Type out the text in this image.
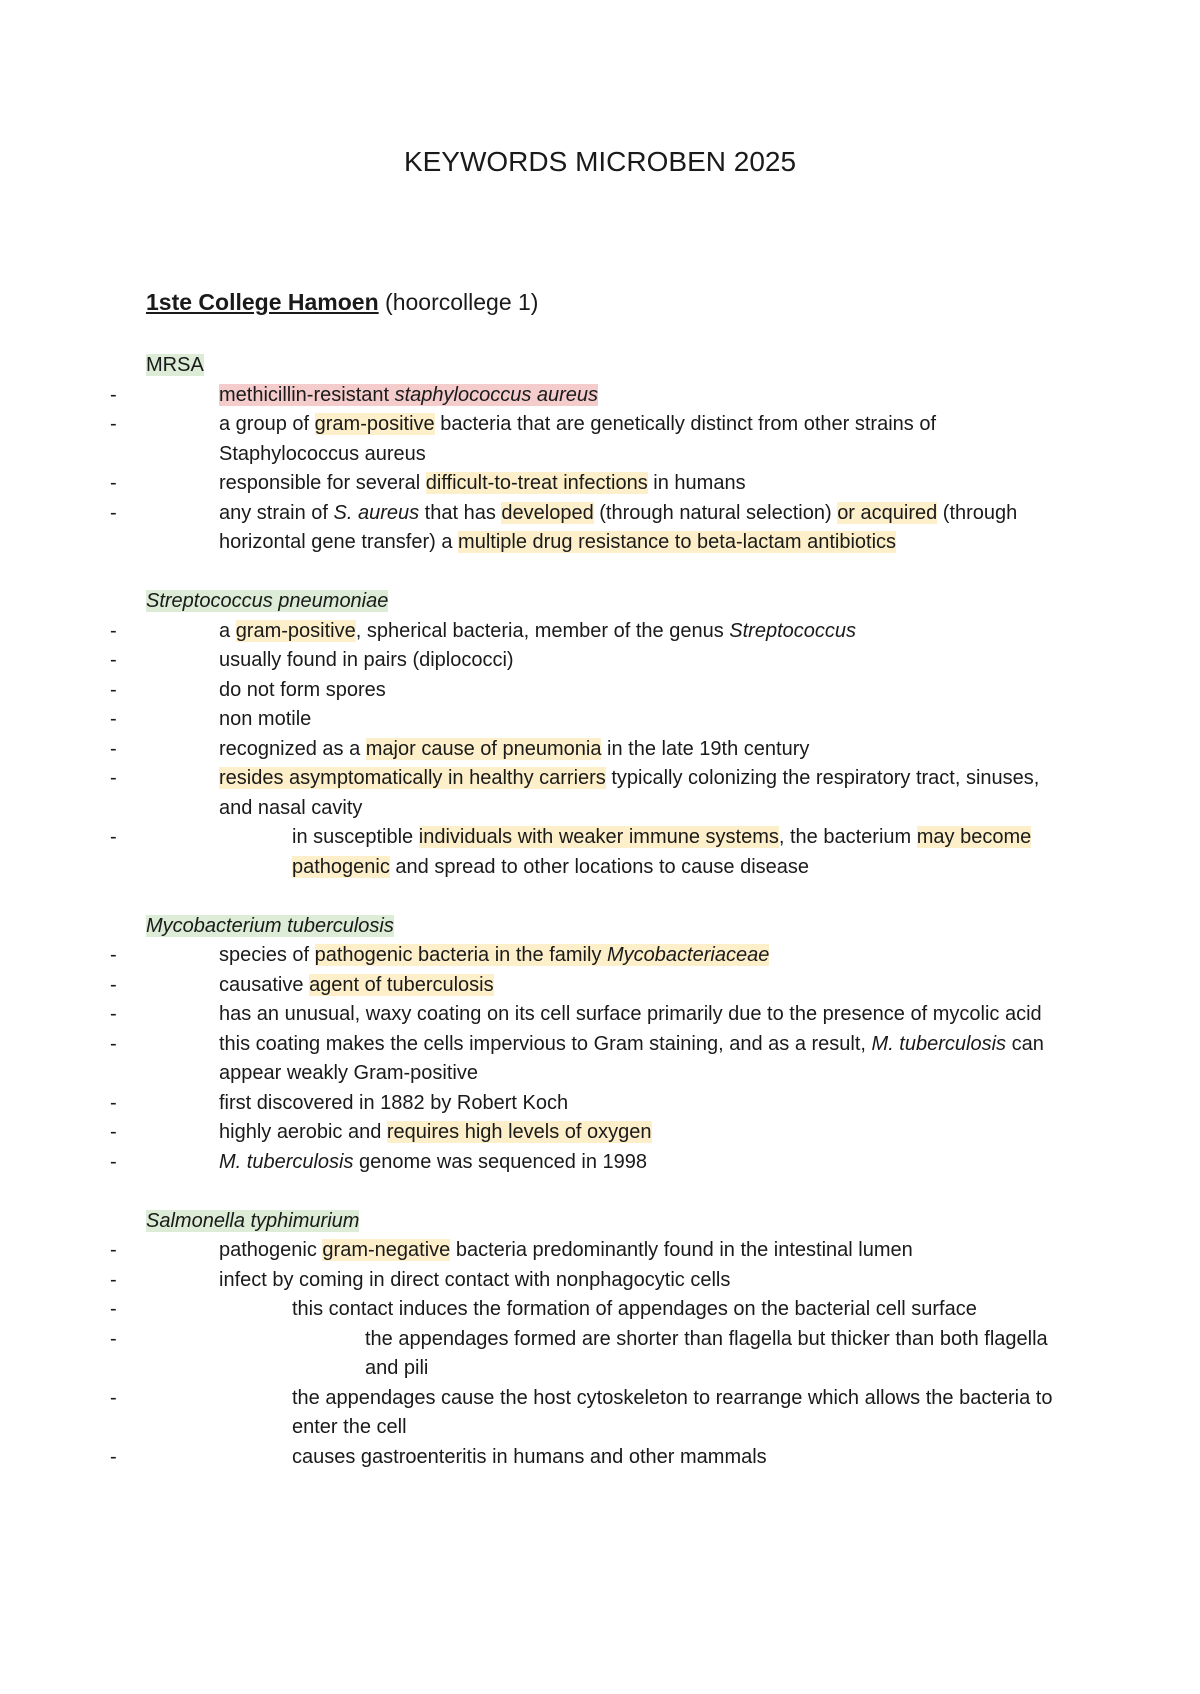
KEYWORDS MICROBEN 2025
1ste College Hamoen (hoorcollege 1)
MRSA
- methicillin-resistant staphylococcus aureus
- a group of gram-positive bacteria that are genetically distinct from other strains of Staphylococcus aureus
- responsible for several difficult-to-treat infections in humans
- any strain of S. aureus that has developed (through natural selection) or acquired (through horizontal gene transfer) a multiple drug resistance to beta-lactam antibiotics
Streptococcus pneumoniae
- a gram-positive, spherical bacteria, member of the genus Streptococcus
- usually found in pairs (diplococci)
- do not form spores
- non motile
- recognized as a major cause of pneumonia in the late 19th century
- resides asymptomatically in healthy carriers typically colonizing the respiratory tract, sinuses, and nasal cavity
- in susceptible individuals with weaker immune systems, the bacterium may become pathogenic and spread to other locations to cause disease
Mycobacterium tuberculosis
- species of pathogenic bacteria in the family Mycobacteriaceae
- causative agent of tuberculosis
- has an unusual, waxy coating on its cell surface primarily due to the presence of mycolic acid
- this coating makes the cells impervious to Gram staining, and as a result, M. tuberculosis can appear weakly Gram-positive
- first discovered in 1882 by Robert Koch
- highly aerobic and requires high levels of oxygen
- M. tuberculosis genome was sequenced in 1998
Salmonella typhimurium
- pathogenic gram-negative bacteria predominantly found in the intestinal lumen
- infect by coming in direct contact with nonphagocytic cells
- this contact induces the formation of appendages on the bacterial cell surface
- the appendages formed are shorter than flagella but thicker than both flagella and pili
- the appendages cause the host cytoskeleton to rearrange which allows the bacteria to enter the cell
- causes gastroenteritis in humans and other mammals
